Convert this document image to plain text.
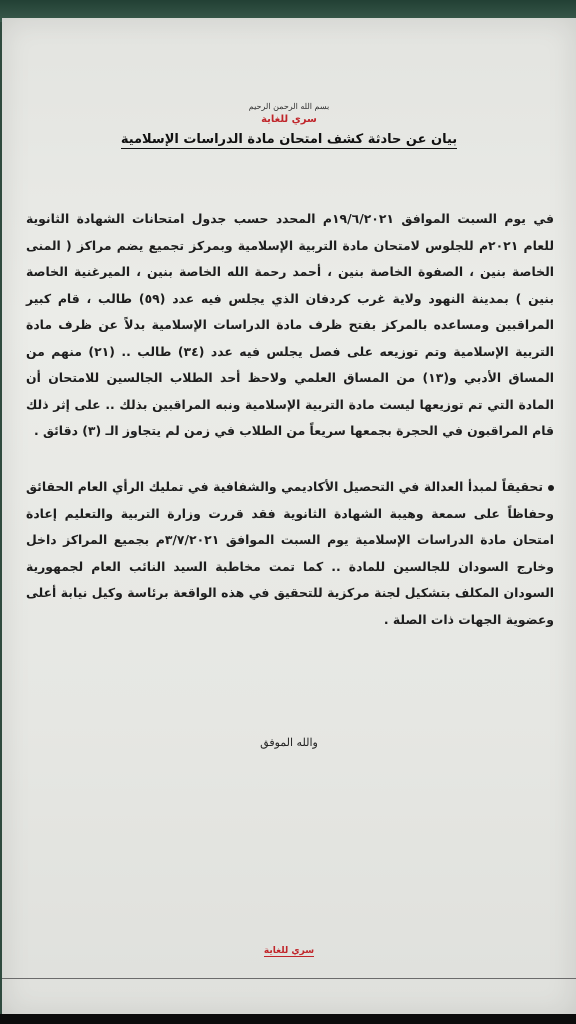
بسم الله الرحمن الرحيم
سري للغاية
بيان عن حادثة كشف امتحان مادة الدراسات الإسلامية
في يوم السبت الموافق ١٩/٦/٢٠٢١م المحدد حسب جدول امتحانات الشهادة الثانوية للعام ٢٠٢١م للجلوس لامتحان مادة التربية الإسلامية وبمركز تجميع يضم مراكز ( المنى الخاصة بنين ، الصفوة الخاصة بنين ، أحمد رحمة الله الخاصة بنين ، الميرغنية الخاصة بنين ) بمدينة النهود ولاية غرب كردفان الذي يجلس فيه عدد (٥٩) طالب ، قام كبير المراقبين ومساعده بالمركز بفتح ظرف مادة الدراسات الإسلامية بدلاً عن ظرف مادة التربية الإسلامية وتم توزيعه على فصل يجلس فيه عدد (٣٤) طالب .. (٢١) منهم من المساق الأدبي و(١٣) من المساق العلمي ولاحظ أحد الطلاب الجالسين للامتحان أن المادة التي تم توزيعها ليست مادة التربية الإسلامية ونبه المراقبين بذلك .. على إثر ذلك قام المراقبون في الحجرة بجمعها سريعاً من الطلاب في زمن لم يتجاوز الـ (٣) دقائق .
تحقيقاً لمبدأ العدالة في التحصيل الأكاديمي والشفافية في تمليك الرأي العام الحقائق وحفاظاً على سمعة وهيبة الشهادة الثانوية فقد قررت وزارة التربية والتعليم إعادة امتحان مادة الدراسات الإسلامية يوم السبت الموافق ٣/٧/٢٠٢١م بجميع المراكز داخل وخارج السودان للجالسين للمادة .. كما تمت مخاطبة السيد النائب العام لجمهورية السودان المكلف بتشكيل لجنة مركزية للتحقيق في هذه الواقعة برئاسة وكيل نيابة أعلى وعضوية الجهات ذات الصلة .
والله الموفق
سري للغاية
